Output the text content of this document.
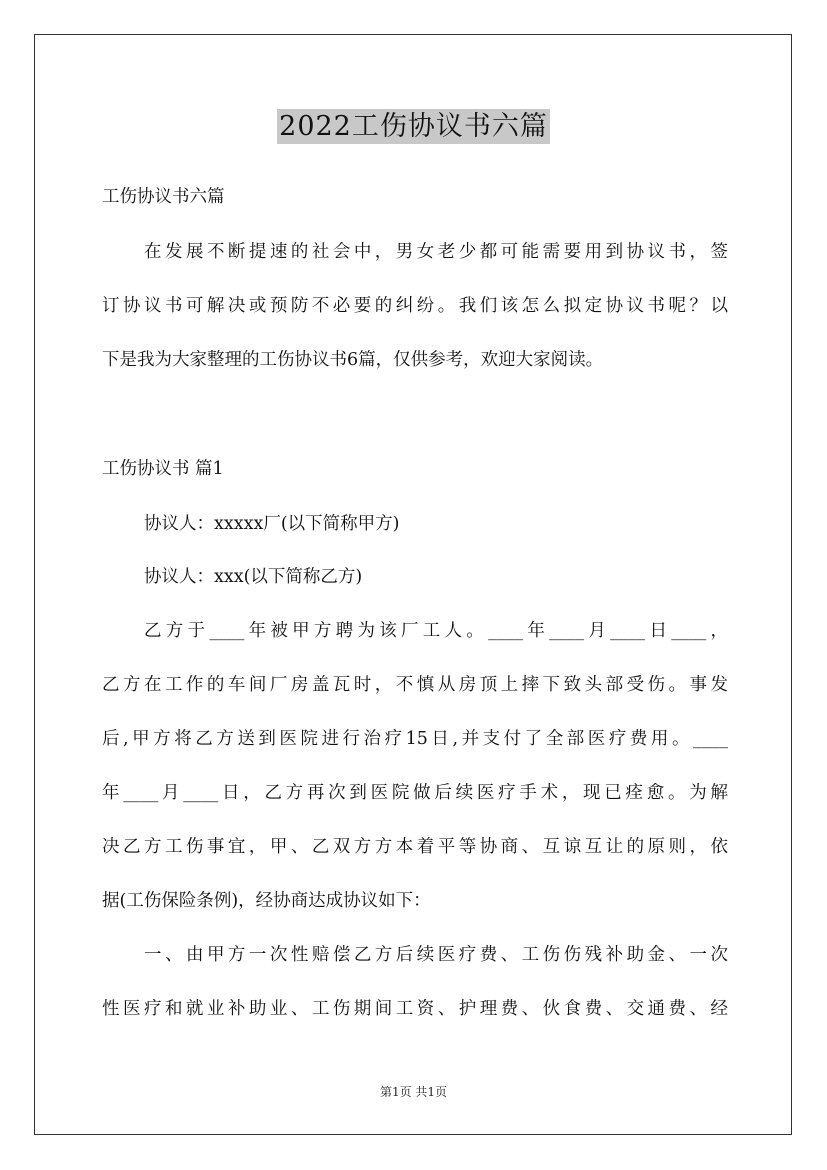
2022工伤协议书六篇
工伤协议书六篇
在发展不断提速的社会中，男女老少都可能需要用到协议书，签
订协议书可解决或预防不必要的纠纷。我们该怎么拟定协议书呢？以
下是我为大家整理的工伤协议书6篇，仅供参考，欢迎大家阅读。
工伤协议书 篇1
协议人：xxxxx厂(以下简称甲方)
协议人：xxx(以下简称乙方)
乙方于____年被甲方聘为该厂工人。____年____月____日____，
乙方在工作的车间厂房盖瓦时，不慎从房顶上摔下致头部受伤。事发
后,甲方将乙方送到医院进行治疗15日,并支付了全部医疗费用。____
年____月____日，乙方再次到医院做后续医疗手术，现已痊愈。为解
决乙方工伤事宜，甲、乙双方方本着平等协商、互谅互让的原则，依
据(工伤保险条例)，经协商达成协议如下：
一、由甲方一次性赔偿乙方后续医疗费、工伤伤残补助金、一次
性医疗和就业补助业、工伤期间工资、护理费、伙食费、交通费、经
第1页 共1页
